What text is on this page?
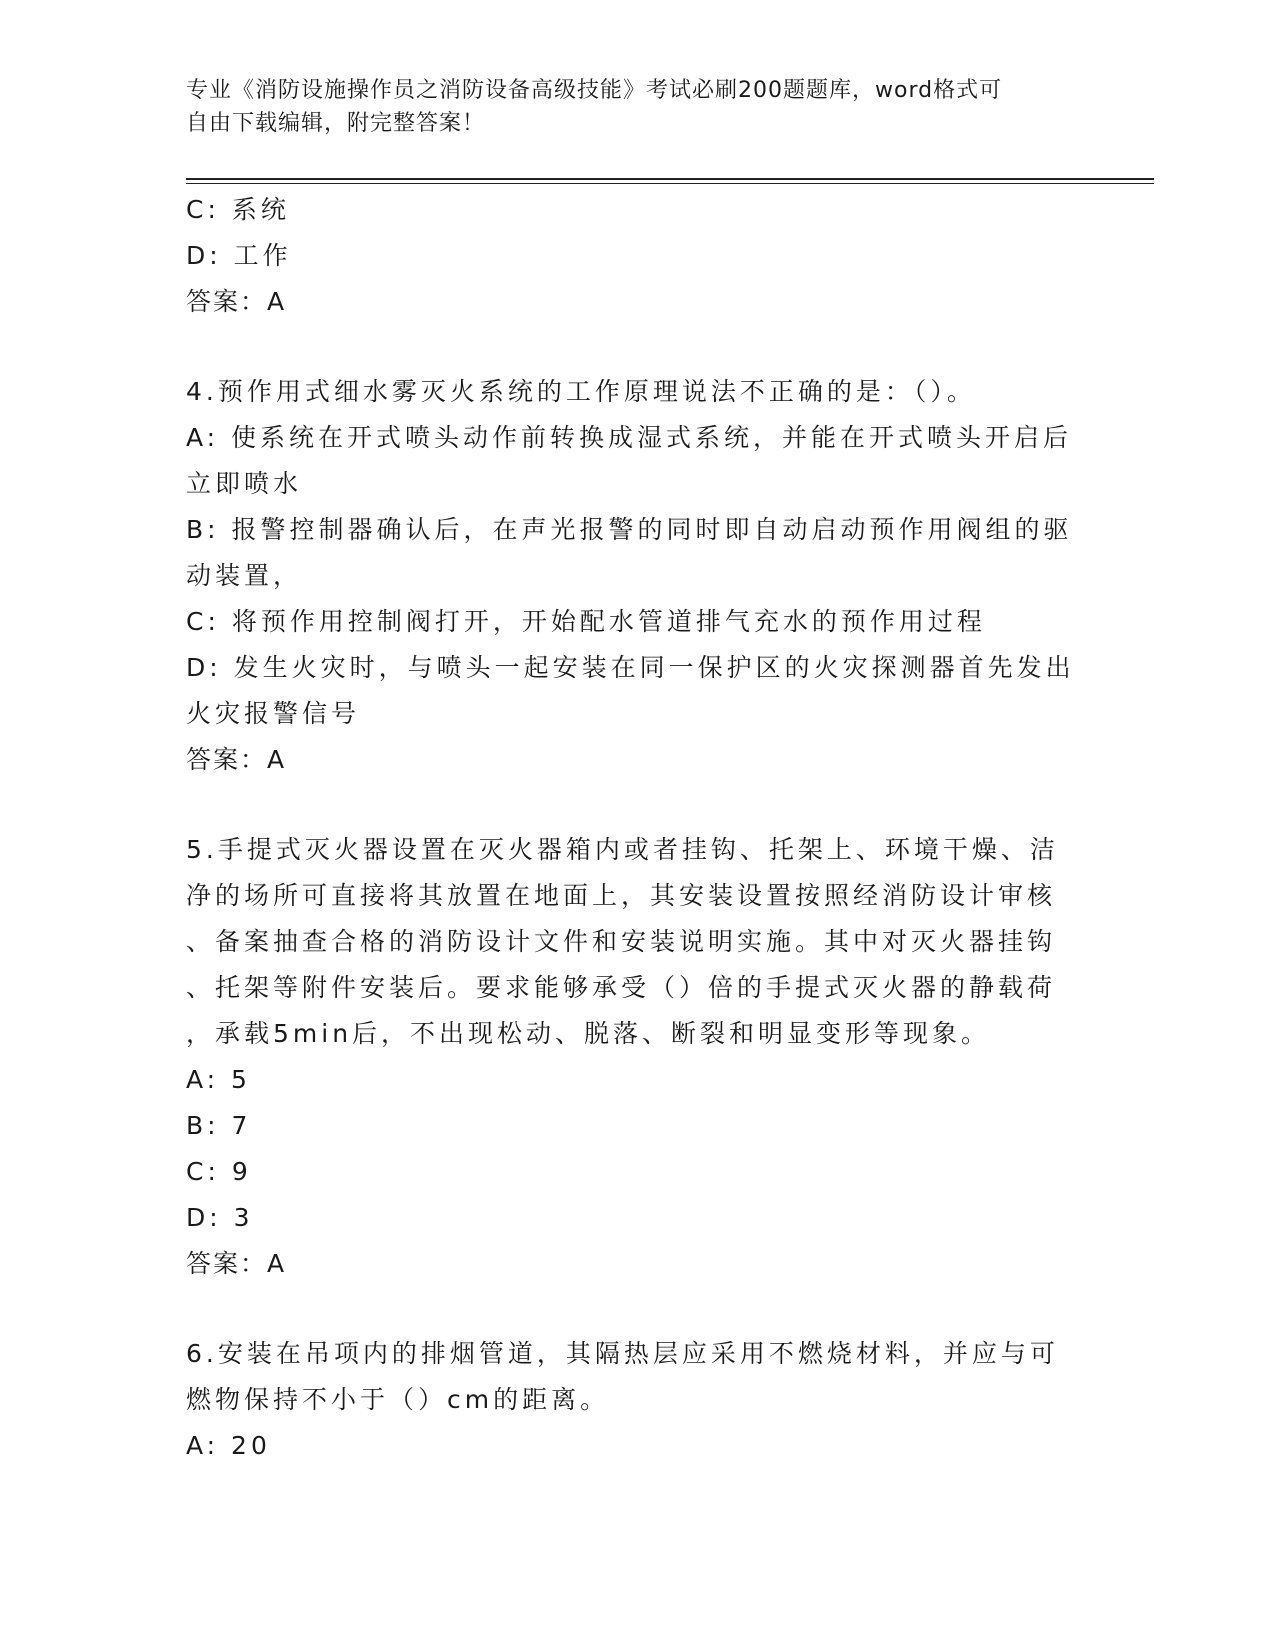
专业《消防设施操作员之消防设备高级技能》考试必刷200题题库，word格式可
自由下载编辑，附完整答案！
C: 系统
D: 工作
答案：A
4.预作用式细水雾灭火系统的工作原理说法不正确的是：（）。
A: 使系统在开式喷头动作前转换成湿式系统，并能在开式喷头开启后
立即喷水
B: 报警控制器确认后，在声光报警的同时即自动启动预作用阀组的驱
动装置，
C: 将预作用控制阀打开，开始配水管道排气充水的预作用过程
D: 发生火灾时，与喷头一起安装在同一保护区的火灾探测器首先发出
火灾报警信号
答案：A
5.手提式灭火器设置在灭火器箱内或者挂钩、托架上、环境干燥、洁
净的场所可直接将其放置在地面上，其安装设置按照经消防设计审核
、备案抽查合格的消防设计文件和安装说明实施。其中对灭火器挂钩
、托架等附件安装后。要求能够承受（）倍的手提式灭火器的静载荷
，承载5min后，不出现松动、脱落、断裂和明显变形等现象。
A: 5
B: 7
C: 9
D: 3
答案：A
6.安装在吊项内的排烟管道，其隔热层应采用不燃烧材料，并应与可
燃物保持不小于（）cm的距离。
A: 20
